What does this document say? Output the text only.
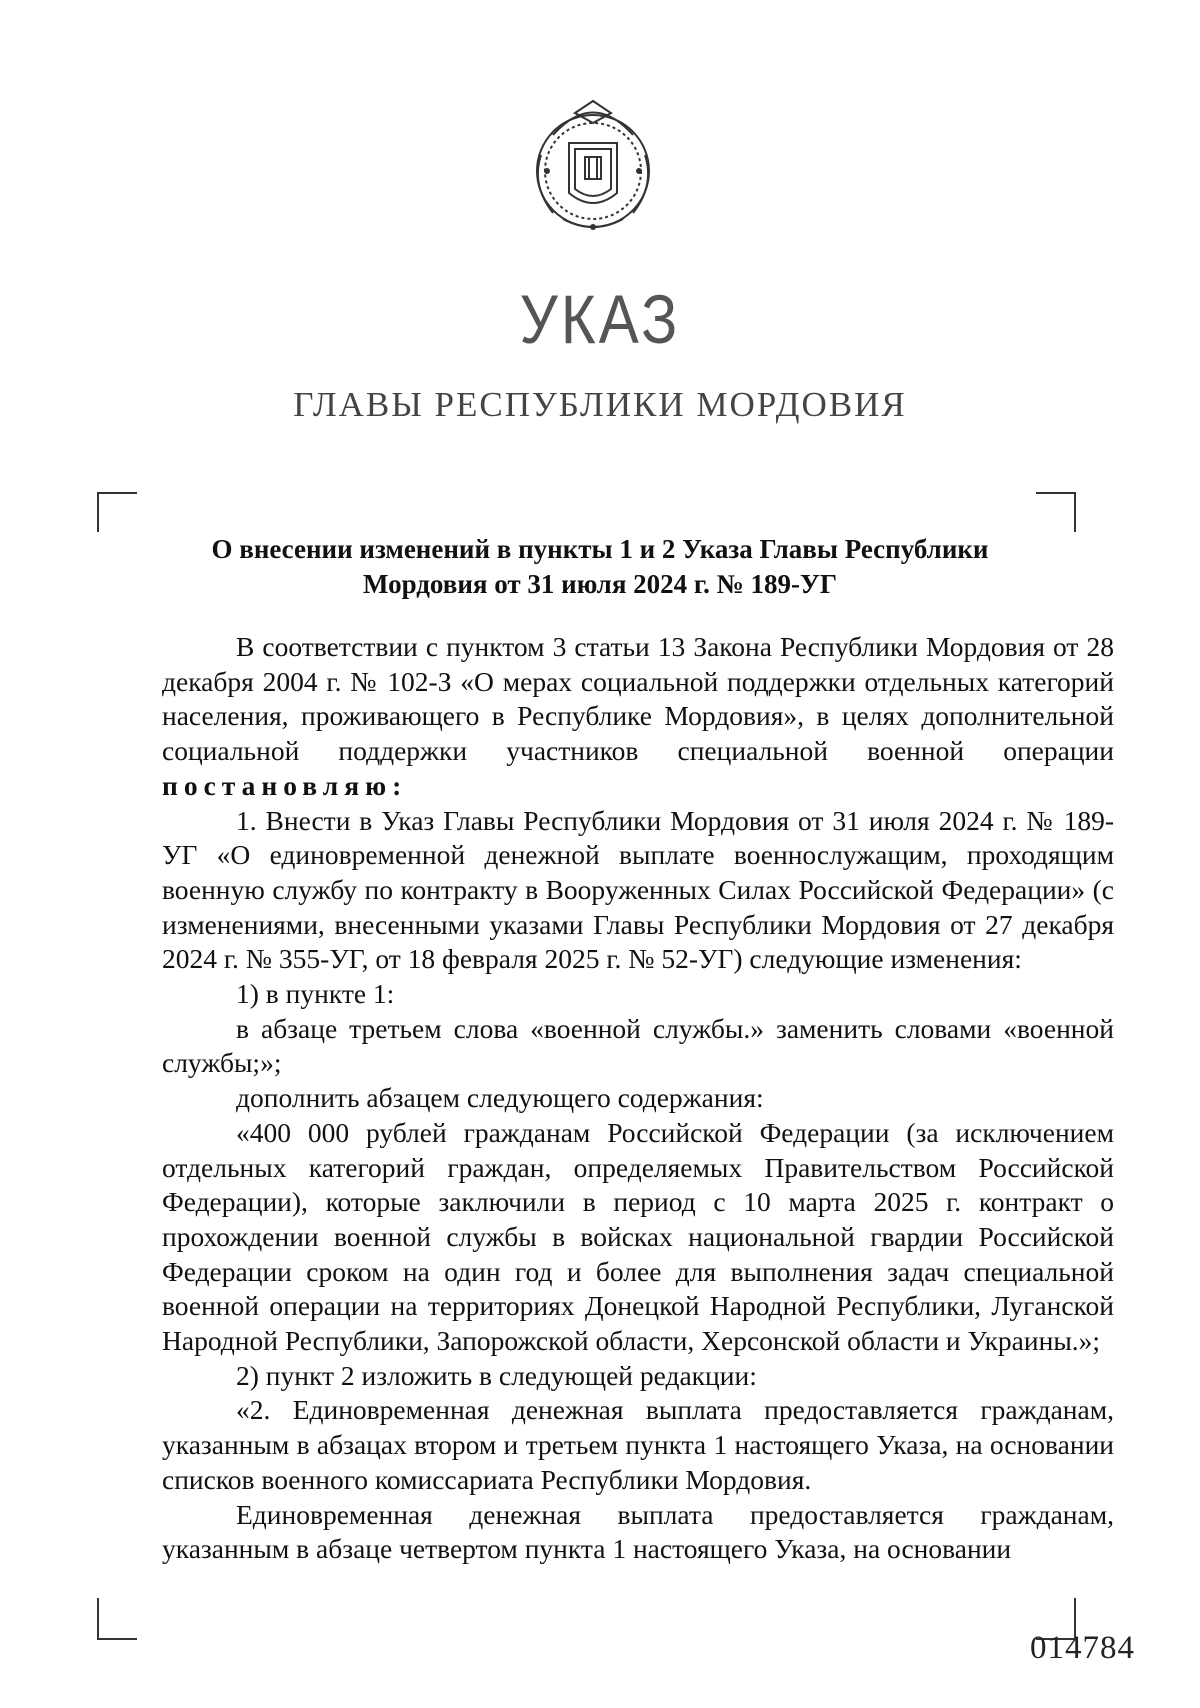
УКАЗ
ГЛАВЫ РЕСПУБЛИКИ МОРДОВИЯ
О внесении изменений в пункты 1 и 2 Указа Главы Республики Мордовия от 31 июля 2024 г. № 189-УГ

В соответствии с пунктом 3 статьи 13 Закона Республики Мордовия от 28 декабря 2004 г. № 102-З «О мерах социальной поддержки отдельных категорий населения, проживающего в Республике Мордовия», в целях дополнительной социальной поддержки участников специальной военной операции постановляю:

1. Внести в Указ Главы Республики Мордовия от 31 июля 2024 г. № 189-УГ «О единовременной денежной выплате военнослужащим, проходящим военную службу по контракту в Вооруженных Силах Российской Федерации» (с изменениями, внесенными указами Главы Республики Мордовия от 27 декабря 2024 г. № 355-УГ, от 18 февраля 2025 г. № 52-УГ) следующие изменения:

1) в пункте 1:

в абзаце третьем слова «военной службы.» заменить словами «военной службы;»;

дополнить абзацем следующего содержания:

«400 000 рублей гражданам Российской Федерации (за исключением отдельных категорий граждан, определяемых Правительством Российской Федерации), которые заключили в период с 10 марта 2025 г. контракт о прохождении военной службы в войсках национальной гвардии Российской Федерации сроком на один год и более для выполнения задач специальной военной операции на территориях Донецкой Народной Республики, Луганской Народной Республики, Запорожской области, Херсонской области и Украины.»;

2) пункт 2 изложить в следующей редакции:

«2. Единовременная денежная выплата предоставляется гражданам, указанным в абзацах втором и третьем пункта 1 настоящего Указа, на основании списков военного комиссариата Республики Мордовия.

Единовременная денежная выплата предоставляется гражданам, указанным в абзаце четвертом пункта 1 настоящего Указа, на основании

014784
